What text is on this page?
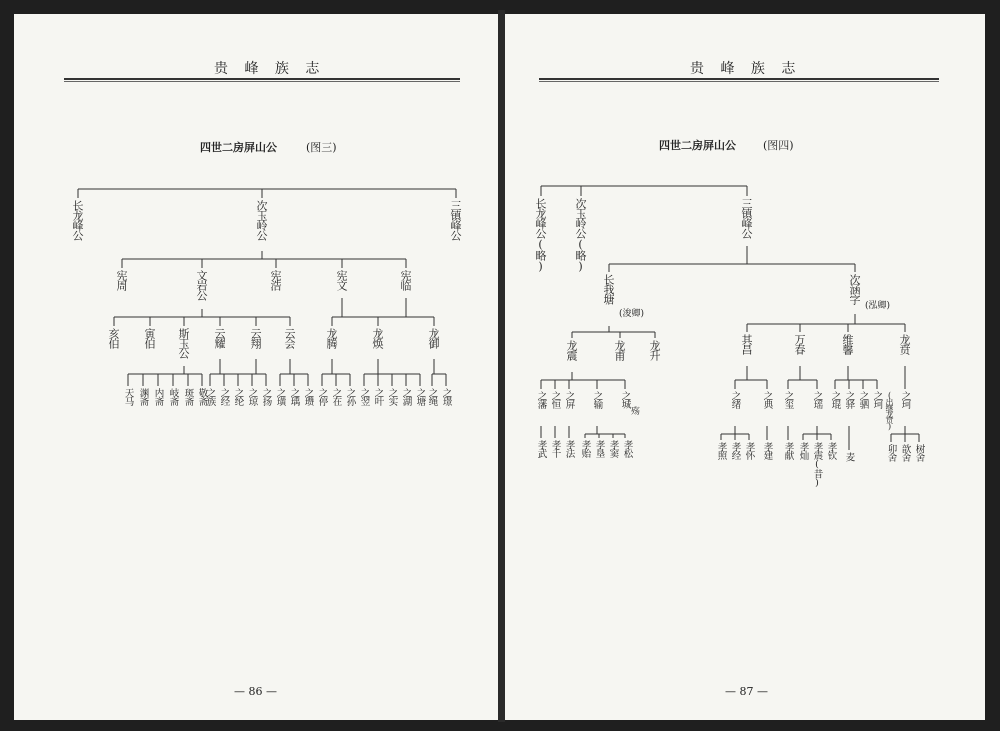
贵 峰 族 志
四世二房屏山公	(图三)
长龙峰公	次玉岭公	三镇峰公
宪周	文岩公	宪浩	宪文	宪临
亥伯 寅伯 斯玉公 云耀 云翔 云会	龙腾	龙焕	龙御
天马 渊斋 内斋 岐斋 斑斋 敬斋
之族 之经 之纶 之琼 之扬 之璜 之瑀 之瓒 之停 之在 之孙 之翌 之叶 之实 之湖 之塘 之绳 之璟
— 86 —
贵 峰 族 志
四世二房屏山公 (图四)
长龙峰公(略) 次玉岭公(略)	三镇峰公
长我塘
(浚卿)
次涵字
(泓卿)
龙震	龙甫 龙升	其昌	万春	维馨	龙贲
之藩 之恒 之屏 之输 之城
殇
之绪 之典 之玺 之瑶 之琨 之驿 之驷 之珂 之珂
(出继龙贲)
孝武 孝千 孝法 孝贻 孝垦 孝窦 孝松	孝照 孝经 孝怀 孝建 孝献 孝灿 孝震(昔) 孝钦 麦	卯舍 歆舍 树舍
— 87 —
